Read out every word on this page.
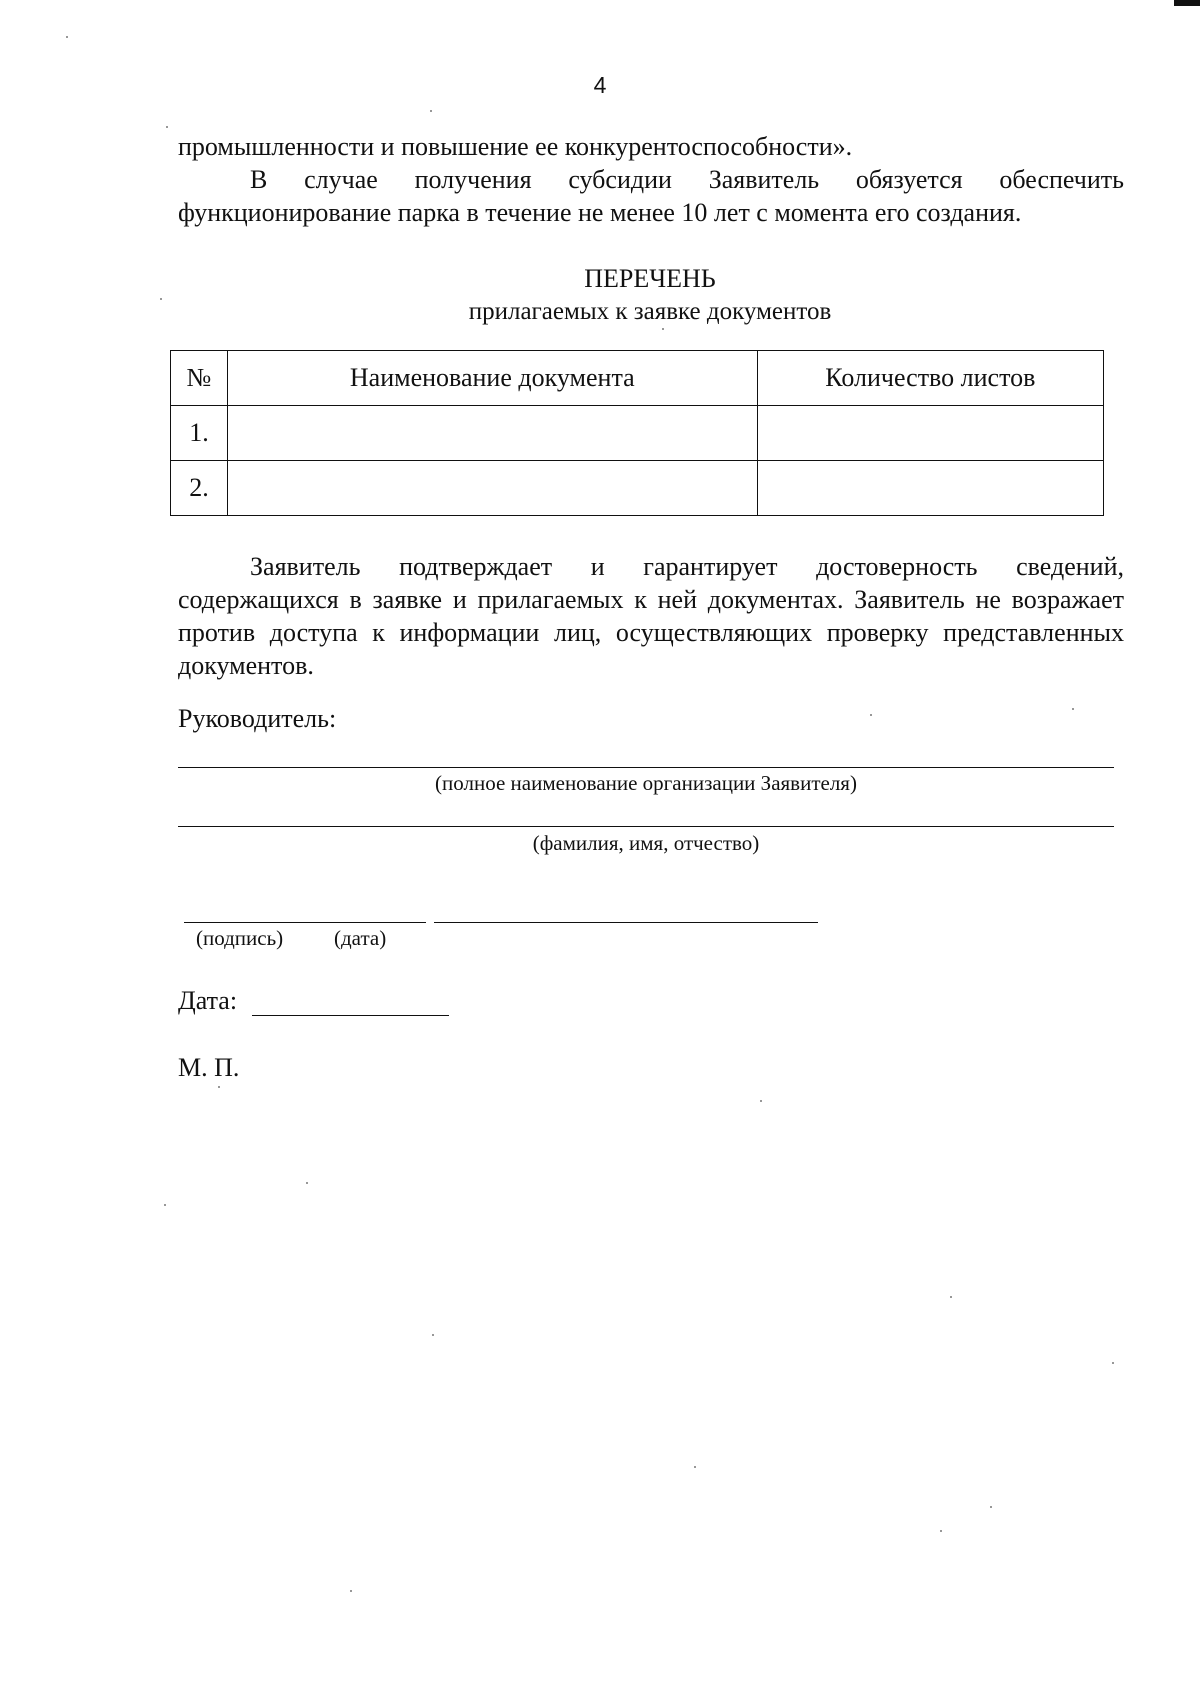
4
промышленности и повышение ее конкурентоспособности».
В случае получения субсидии Заявитель обязуется обеспечить функционирование парка в течение не менее 10 лет с момента его создания.
ПЕРЕЧЕНЬ
прилагаемых к заявке документов
№	Наименование документа	Количество листов
1.		
2.		
Заявитель подтверждает и гарантирует достоверность сведений, содержащихся в заявке и прилагаемых к ней документах. Заявитель не возражает против доступа к информации лиц, осуществляющих проверку представленных документов.
Руководитель:
(полное наименование организации Заявителя)
(фамилия, имя, отчество)
(подпись) (дата)
Дата:
М. П.
